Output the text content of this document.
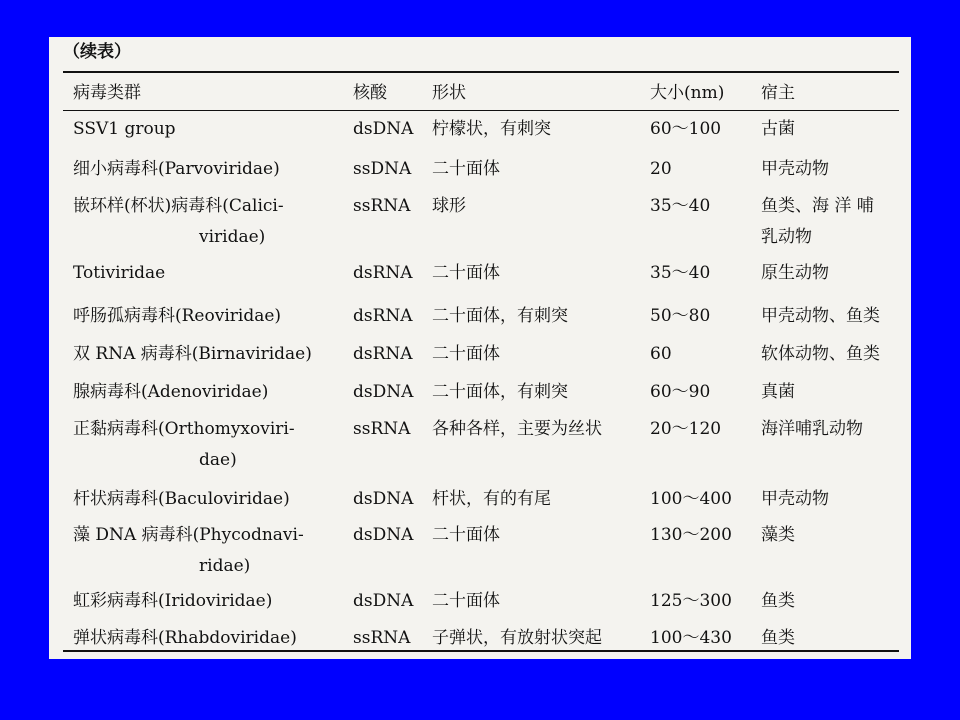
（续表）
病毒类群	核酸	形状	大小(nm) 宿主
SSV1 group	dsDNA 柠檬状，有刺突	60～100 古菌
细小病毒科(Parvoviridae)	ssDNA 二十面体	20	甲壳动物
嵌环样(杯状)病毒科(Calici-	ssRNA 球形	35～40	鱼类、海 洋 哺
viridae)	乳动物
Totiviridae	dsRNA 二十面体	35～40	原生动物
呼肠孤病毒科(Reoviridae)	dsRNA 二十面体，有刺突	50～80	甲壳动物、鱼类
双 RNA 病毒科(Birnaviridae) dsRNA 二十面体	60	软体动物、鱼类
腺病毒科(Adenoviridae)	dsDNA 二十面体，有刺突	60～90	真菌
正黏病毒科(Orthomyxoviri-	ssRNA 各种各样，主要为丝状	20～120 海洋哺乳动物
dae)
杆状病毒科(Baculoviridae)	dsDNA 杆状，有的有尾	100～400 甲壳动物
藻 DNA 病毒科(Phycodnavi-	dsDNA 二十面体	130～200 藻类
ridae)
虹彩病毒科(Iridoviridae)	dsDNA 二十面体	125～300 鱼类
弹状病毒科(Rhabdoviridae)	ssRNA 子弹状，有放射状突起	100～430 鱼类
